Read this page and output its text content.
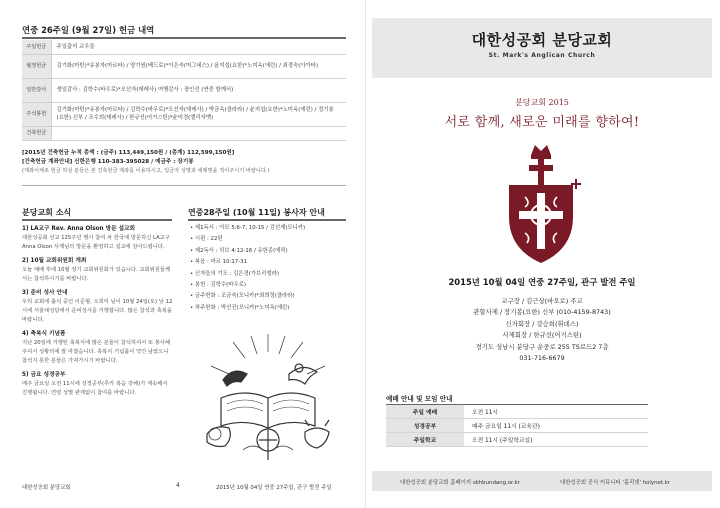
연중 26주일 (9월 27일) 헌금 내역
주일헌금	주일출석 교우들
월정헌금	김기화(마틴)*유봉자(마르타) / 양기원(베드로)*이은숙(머그네스) / 윤지섭(요한)*노미옥(에린) / 최경숙(아가타)
일반감사	생일감사 : 김학수(바우로)*오선자(데레사) 여행감사 : 장인선 (연중 함께서)
주석봉헌	김기화(마틴)*유봉자(마르타) / 김학수(바우로)*오선자(데레사) / 박금옥(클라라) / 윤지섭(요한)*노미옥(에린) / 정기봉(요한) 신부 / 조수희(데레사) / 한규선(어거스틴)*윤미경(엘리자벳)
건축헌금	
[2015년 건축헌금 누적 총액 : (금주) 113,449,150원 / (총계) 112,599,150원]
[건축헌금 계좌안내] 신한은행 110-383-395028 / 예금주 : 장기봉
(계좌이체로 헌금 하실 분들은 본 건축헌금 계좌를 이용하시고, 입금자 성명과 세례명을 적어주시기 바랍니다.)
분당교회 소식
1) LA교구 Rev. Anna Olson 방문 설교회
대한성공회 선교 125주년 행사 참여 차 한국에 방문하신 LA교구 Anna Olson 사제님의 방문을 환영하고 설교에 감사드립니다.
2) 10월 교회위원회 개최
오늘 예배 후에 10월 정기 교회위원회가 있습니다. 교회위원들께서는 참석하시기를 바랍니다.
3) 준비 성사 안내
우리 교회에 출석 중인 이준형, 오희미 님이 10월 24일(토) 낮 12시에 서울대성당에서 준비성사를 거행합니다. 많은 참석과 축복을 바랍니다.
4) 축복식 기념품
지난 20일에 거행된 축복식에 많은 분들이 참석하셔서 또 봉사해주셔서 성황리에 잘 마쳤습니다. 축복식 기념품이 약간 남았으니 참석지 못한 분들은 가져가시기 바랍니다.
5) 금요 성경공부
매주 금요일 오전 11시에 성경공부(루카 복음 강해)가 계속해서 진행됩니다. 연령 성별 관계없이 참여를 바랍니다.
연중28주일 (10월 11일) 봉사자 안내
• 제1독서 : 아모 5:6-7, 10-15 / 김선재(모니카)
• 시편 : 22편
• 제2독서 : 히브 4:12-16 / 유한종(에릭)
• 복음 : 마르 10:17-31
• 신자들의 기도 : 김은경(가브리엘라)
• 봉헌 : 김학수(바우로)
• 금주헌화 : 조금숙(모니카)*최희정(클라라)
• 차주헌화 : 박선진(모니카)*노미옥(에린)
대한성공회 분당교회	4	2015년 10월 04일 연중 27주일, 관구 발전 주일
대한성공회 분당교회
St. Mark's Anglican Church
분당교회 2015
서로 함께, 새로운 미래를 향하여!
2015년 10월 04일 연중 27주일, 관구 발전 주일
교구장 / 김근상(바오로) 주교
관할사제 / 장기봉(요한) 신부 (010-4159-8743)
신자회장 / 강승희(휘데스)
사제회장 / 한규선(어거스틴)
경기도 성남시 분당구 운중로 255 TS로드2 7층
031-716-6679
예배 안내 및 모임 안내
주일 예배	오전 11시
성경공부	매주 금요일 11시 (교육관)
주일학교	오전 11시 (주일학교실)
대한성공회 분당교회 홈페이지 skhbundang.or.kr	대한성공회 공식 커뮤니티 '홀리넷' holynet.kr
